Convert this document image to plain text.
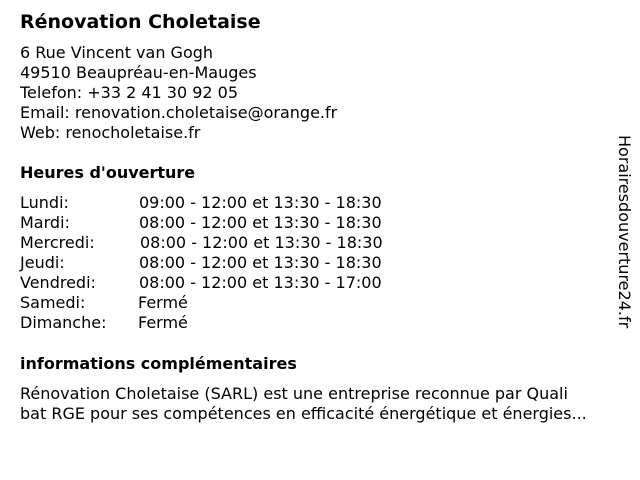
Rénovation Choletaise
6 Rue Vincent van Gogh
49510 Beaupréau-en-Mauges
Telefon: +33 2 41 30 92 05
Email: renovation.choletaise@orange.fr
Web: renocholetaise.fr
Heures d'ouverture
Lundi:	09:00 - 12:00 et 13:30 - 18:30
Mardi:	08:00 - 12:00 et 13:30 - 18:30
Mercredi:	08:00 - 12:00 et 13:30 - 18:30
Jeudi:	08:00 - 12:00 et 13:30 - 18:30
Vendredi:	08:00 - 12:00 et 13:30 - 17:00
Samedi:	Fermé
Dimanche: Fermé
informations complémentaires
Rénovation Choletaise (SARL) est une entreprise reconnue par Quali
bat RGE pour ses compétences en efficacité énergétique et énergies...
Horairesdouverture24.fr
